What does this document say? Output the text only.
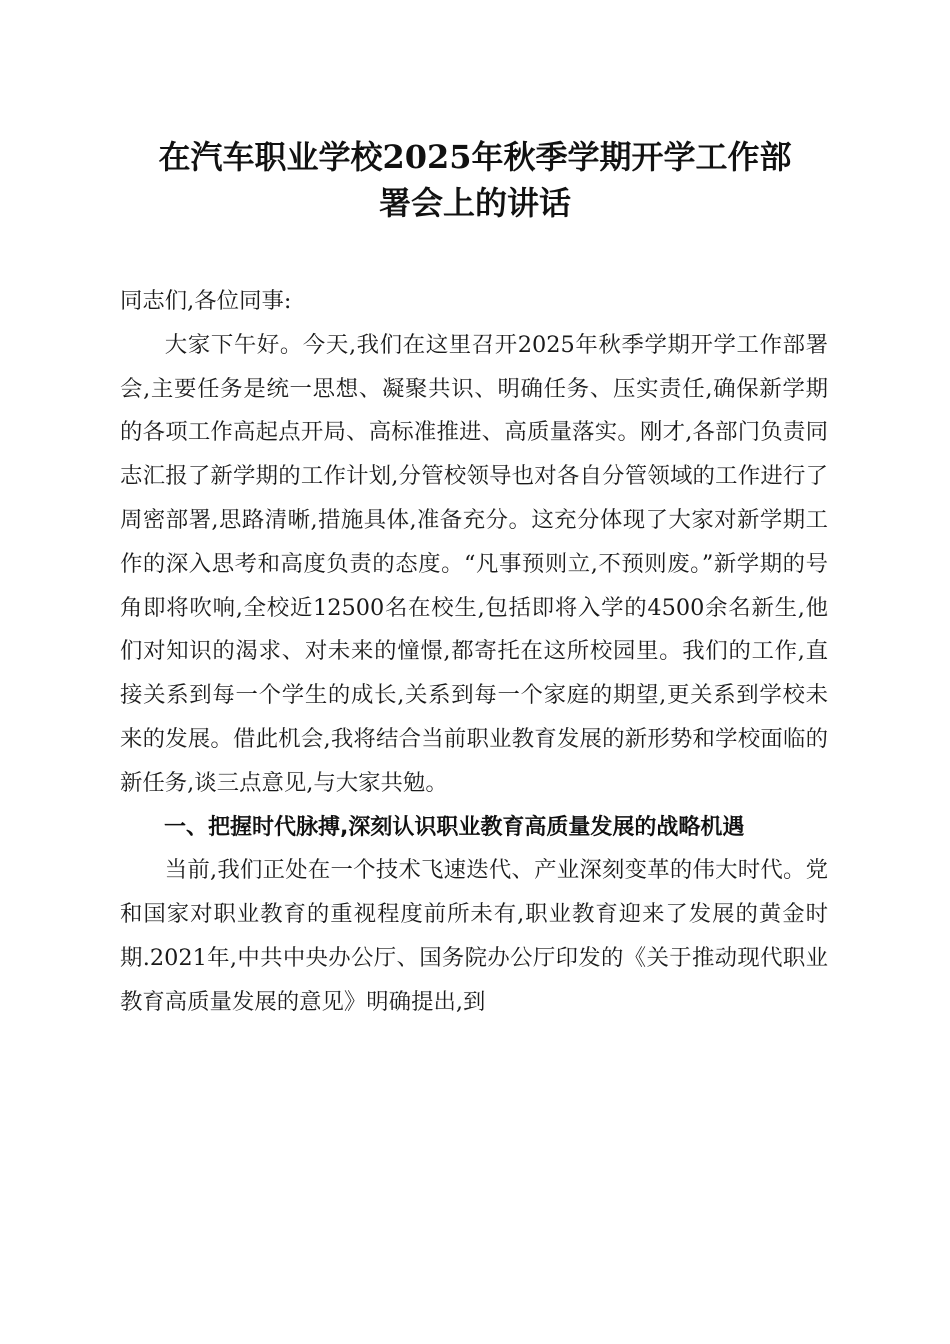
在汽车职业学校2025年秋季学期开学工作部
署会上的讲话

同志们,各位同事:

大家下午好。今天,我们在这里召开2025年秋季学期开学工作部署会,主要任务是统一思想、凝聚共识、明确任务、压实责任,确保新学期的各项工作高起点开局、高标准推进、高质量落实。刚才,各部门负责同志汇报了新学期的工作计划,分管校领导也对各自分管领域的工作进行了周密部署,思路清晰,措施具体,准备充分。这充分体现了大家对新学期工作的深入思考和高度负责的态度。“凡事预则立,不预则废。”新学期的号角即将吹响,全校近12500名在校生,包括即将入学的4500余名新生,他们对知识的渴求、对未来的憧憬,都寄托在这所校园里。我们的工作,直接关系到每一个学生的成长,关系到每一个家庭的期望,更关系到学校未来的发展。借此机会,我将结合当前职业教育发展的新形势和学校面临的新任务,谈三点意见,与大家共勉。

一、把握时代脉搏,深刻认识职业教育高质量发展的战略机遇

当前,我们正处在一个技术飞速迭代、产业深刻变革的伟大时代。党和国家对职业教育的重视程度前所未有,职业教育迎来了发展的黄金时期.2021年,中共中央办公厅、国务院办公厅印发的《关于推动现代职业教育高质量发展的意见》明确提出,到
